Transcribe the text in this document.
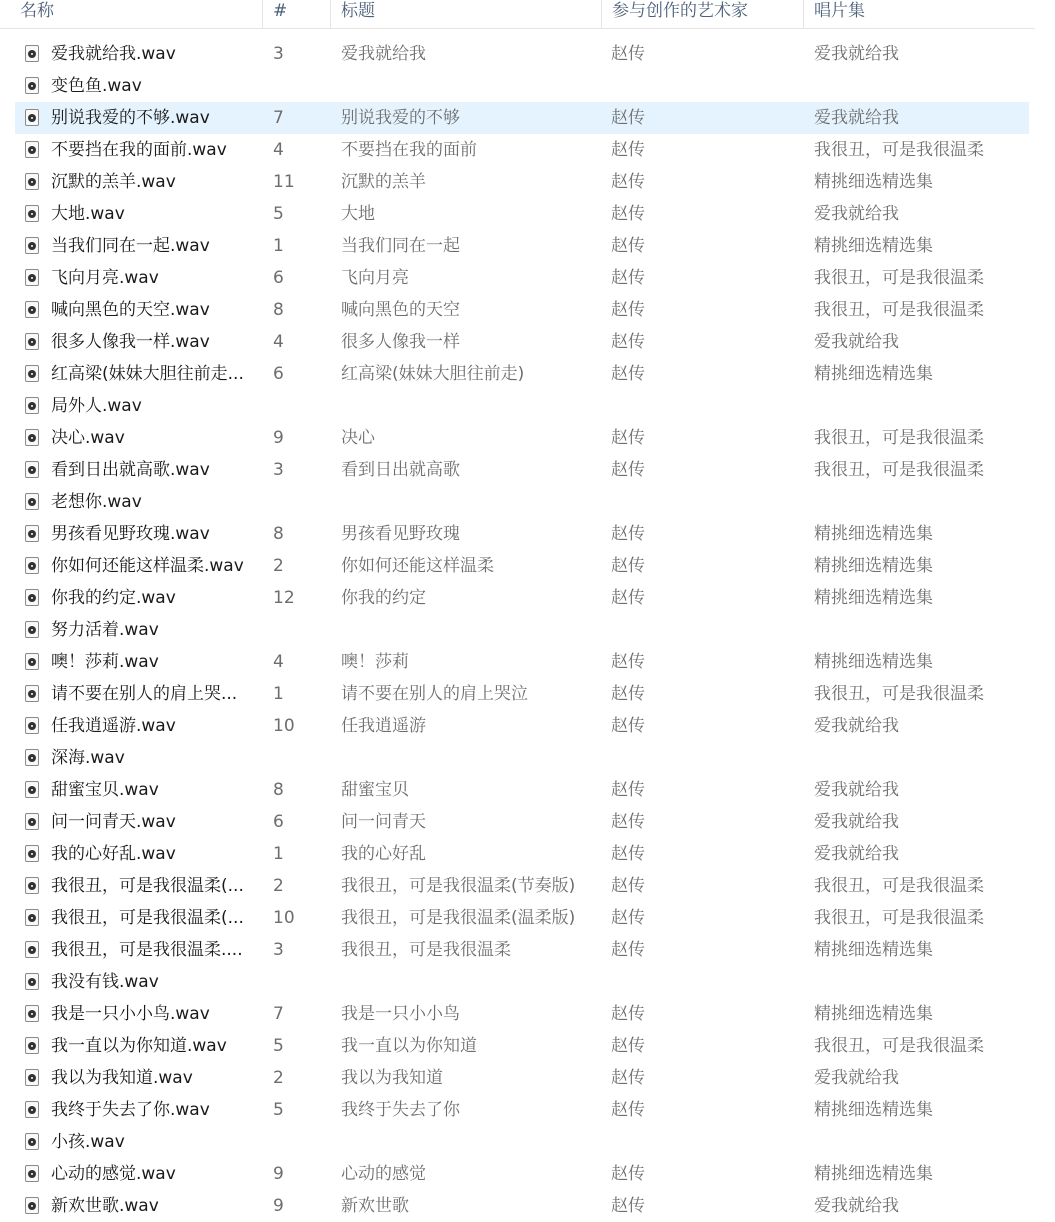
名称	#	标题	参与创作的艺术家	唱片集
爱我就给我.wav	3	爱我就给我	赵传	爱我就给我
变色鱼.wav
别说我爱的不够.wav	7	别说我爱的不够	赵传	爱我就给我
不要挡在我的面前.wav	4	不要挡在我的面前	赵传	我很丑，可是我很温柔
沉默的羔羊.wav	11	沉默的羔羊	赵传	精挑细选精选集
大地.wav	5	大地	赵传	爱我就给我
当我们同在一起.wav	1	当我们同在一起	赵传	精挑细选精选集
飞向月亮.wav	6	飞向月亮	赵传	我很丑，可是我很温柔
喊向黑色的天空.wav	8	喊向黑色的天空	赵传	我很丑，可是我很温柔
很多人像我一样.wav	4	很多人像我一样	赵传	爱我就给我
红高梁(妹妹大胆往前走...	6	红高梁(妹妹大胆往前走)	赵传	精挑细选精选集
局外人.wav
决心.wav	9	决心	赵传	我很丑，可是我很温柔
看到日出就高歌.wav	3	看到日出就高歌	赵传	我很丑，可是我很温柔
老想你.wav
男孩看见野玫瑰.wav	8	男孩看见野玫瑰	赵传	精挑细选精选集
你如何还能这样温柔.wav	2	你如何还能这样温柔	赵传	精挑细选精选集
你我的约定.wav	12	你我的约定	赵传	精挑细选精选集
努力活着.wav
噢！莎莉.wav	4	噢！莎莉	赵传	精挑细选精选集
请不要在别人的肩上哭...	1	请不要在别人的肩上哭泣	赵传	我很丑，可是我很温柔
任我逍遥游.wav	10	任我逍遥游	赵传	爱我就给我
深海.wav
甜蜜宝贝.wav	8	甜蜜宝贝	赵传	爱我就给我
问一问青天.wav	6	问一问青天	赵传	爱我就给我
我的心好乱.wav	1	我的心好乱	赵传	爱我就给我
我很丑，可是我很温柔(...	2	我很丑，可是我很温柔(节奏版)	赵传	我很丑，可是我很温柔
我很丑，可是我很温柔(...	10	我很丑，可是我很温柔(温柔版)	赵传	我很丑，可是我很温柔
我很丑，可是我很温柔....	3	我很丑，可是我很温柔	赵传	精挑细选精选集
我没有钱.wav
我是一只小小鸟.wav	7	我是一只小小鸟	赵传	精挑细选精选集
我一直以为你知道.wav	5	我一直以为你知道	赵传	我很丑，可是我很温柔
我以为我知道.wav	2	我以为我知道	赵传	爱我就给我
我终于失去了你.wav	5	我终于失去了你	赵传	精挑细选精选集
小孩.wav
心动的感觉.wav	9	心动的感觉	赵传	精挑细选精选集
新欢世歌.wav	9	新欢世歌	赵传	爱我就给我
